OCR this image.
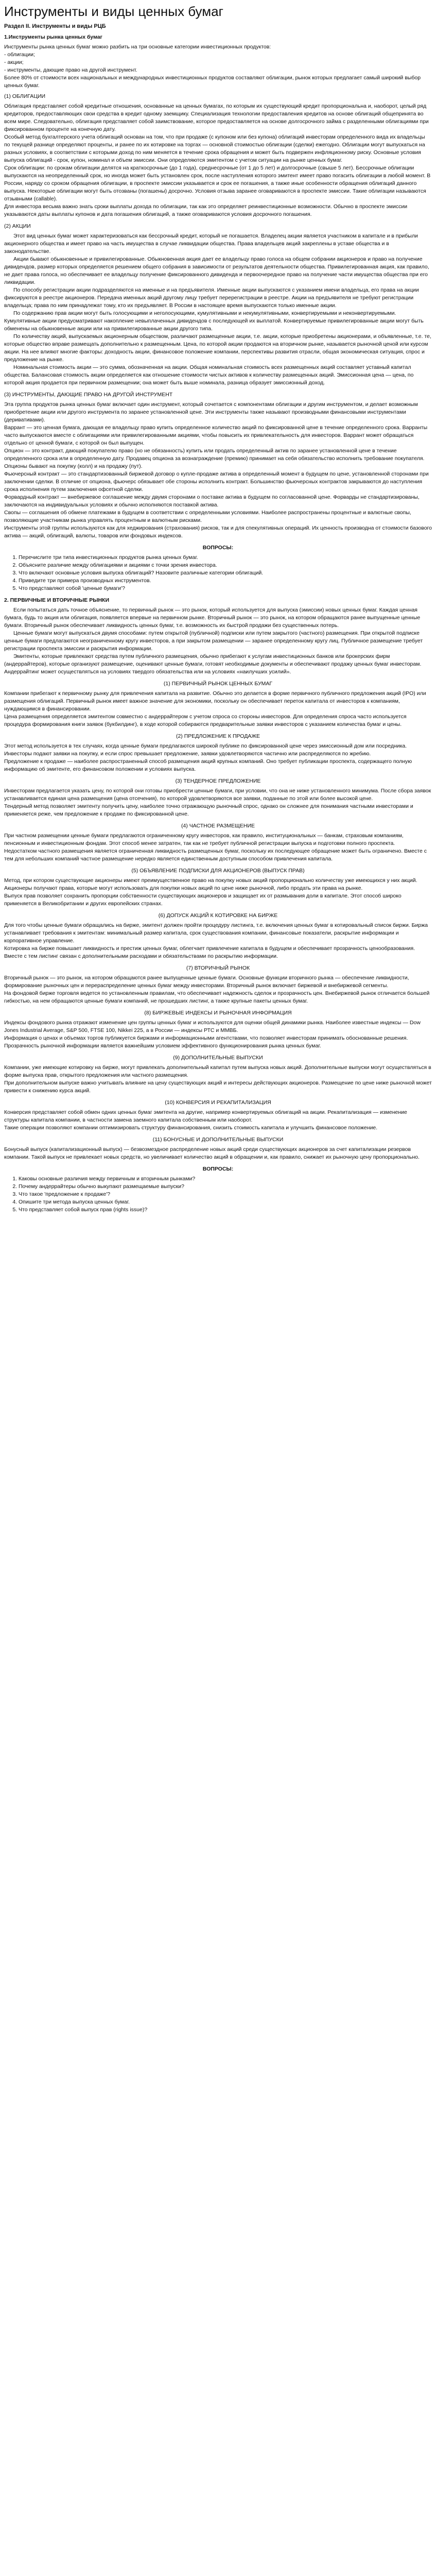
Инструменты и виды ценных бумаг
Раздел II. Инструменты и виды РЦБ
1.Инструменты рынка ценных бумаг

Инструменты рынка ценных бумаг можно разбить на три основные категории инвестиционных продуктов:

- облигации;

- акции;

- инструменты, дающие право на другой инструмент.

Более 80% от стоимости всех национальных и международных инвестиционных продуктов составляют облигации, рынок которых предлагает самый широкий выбор ценных бумаг.

(1) ОБЛИГАЦИИ

Облигация представляет собой кредитные отношения, основанные на ценных бумагах, по которым их существующий кредит пропорциональна и, наоборот, целый ряд кредиторов, предоставляющих свои средства в кредит одному заемщику. Специализация технологии предоставления кредитов на основе облигаций общепринята во всем мире. Следовательно, облигация представляет собой заимствование, которое предоставляется на основе долгосрочного займа с разделенными облигациями при фиксированном проценте на конечную дату.

Особый метод бухгалтерского учета облигаций основан на том, что при продаже (с купоном или без купона) облигаций инвесторам определенного вида их владельцы по текущей разнице определяют проценты, и ранее по их котировке на торгах — основной стоимостью облигации (сделки) ежегодно. Облигации могут выпускаться на разных условиях, в соответствии с которыми доход по ним меняется в течение срока обращения и может быть подвержен инфляционному риску. Основные условия выпуска облигаций - срок, купон, номинал и объем эмиссии. Они определяются эмитентом с учетом ситуации на рынке ценных бумаг.

Срок облигации: по срокам облигации делятся на краткосрочные (до 1 года), среднесрочные (от 1 до 5 лет) и долгосрочные (свыше 5 лет). Бессрочные облигации выпускаются на неопределенный срок, но иногда может быть установлен срок, после наступления которого эмитент имеет право погасить облигации в любой момент. В России, наряду со сроком обращения облигации, в проспекте эмиссии указывается и срок ее погашения, а также иные особенности обращения облигаций данного выпуска. Некоторые облигации могут быть отозваны (погашены) досрочно. Условия отзыва заранее оговариваются в проспекте эмиссии. Такие облигации называются отзывными (callable).

Для инвестора весьма важно знать сроки выплаты дохода по облигации, так как это определяет реинвестиционные возможности. Обычно в проспекте эмиссии указываются даты выплаты купонов и дата погашения облигаций, а также оговариваются условия досрочного погашения.

(2) АКЦИИ

Этот вид ценных бумаг может характеризоваться как бессрочный кредит, который не погашается. Владелец акции является участником в капитале и в прибыли акционерного общества и имеет право на часть имущества в случае ликвидации общества. Права владельцев акций закреплены в уставе общества и в законодательстве.

Акции бывают обыкновенные и привилегированные. Обыкновенная акция дает ее владельцу право голоса на общем собрании акционеров и право на получение дивидендов, размер которых определяется решением общего собрания в зависимости от результатов деятельности общества. Привилегированная акция, как правило, не дает права голоса, но обеспечивает ее владельцу получение фиксированного дивиденда и первоочередное право на получение части имущества общества при его ликвидации.

По способу регистрации акции подразделяются на именные и на предъявителя. Именные акции выпускаются с указанием имени владельца, его права на акции фиксируются в реестре акционеров. Передача именных акций другому лицу требует перерегистрации в реестре. Акции на предъявителя не требуют регистрации владельца; права по ним принадлежат тому, кто их предъявляет. В России в настоящее время выпускаются только именные акции.

По содержанию прав акции могут быть голосующими и неголосующими, кумулятивными и некумулятивными, конвертируемыми и неконвертируемыми. Кумулятивные акции предусматривают накопление невыплаченных дивидендов с последующей их выплатой. Конвертируемые привилегированные акции могут быть обменены на обыкновенные акции или на привилегированные акции другого типа.

По количеству акций, выпускаемых акционерным обществом, различают размещенные акции, т.е. акции, которые приобретены акционерами, и объявленные, т.е. те, которые общество вправе размещать дополнительно к размещенным. Цена, по которой акции продаются на вторичном рынке, называется рыночной ценой или курсом акции. На нее влияют многие факторы: доходность акции, финансовое положение компании, перспективы развития отрасли, общая экономическая ситуация, спрос и предложение на рынке.

Номинальная стоимость акции — это сумма, обозначенная на акции. Общая номинальная стоимость всех размещенных акций составляет уставный капитал общества. Балансовая стоимость акции определяется как отношение стоимости чистых активов к количеству размещенных акций. Эмиссионная цена — цена, по которой акция продается при первичном размещении; она может быть выше номинала, разница образует эмиссионный доход.

(3) ИНСТРУМЕНТЫ, ДАЮЩИЕ ПРАВО НА ДРУГОЙ ИНСТРУМЕНТ

Эта группа продуктов рынка ценных бумаг включает один инструмент, который сочетается с компонентами облигации и другим инструментом, и делает возможным приобретение акции или другого инструмента по заранее установленной цене. Эти инструменты также называют производными финансовыми инструментами (деривативами).

Варрант — это ценная бумага, дающая ее владельцу право купить определенное количество акций по фиксированной цене в течение определенного срока. Варранты часто выпускаются вместе с облигациями или привилегированными акциями, чтобы повысить их привлекательность для инвесторов. Варрант может обращаться отдельно от ценной бумаги, с которой он был выпущен.

Опцион — это контракт, дающий покупателю право (но не обязанность) купить или продать определенный актив по заранее установленной цене в течение определенного срока или в определенную дату. Продавец опциона за вознаграждение (премию) принимает на себя обязательство исполнить требование покупателя. Опционы бывают на покупку (колл) и на продажу (пут).

Фьючерсный контракт — это стандартизованный биржевой договор о купле-продаже актива в определенный момент в будущем по цене, установленной сторонами при заключении сделки. В отличие от опциона, фьючерс обязывает обе стороны исполнить контракт. Большинство фьючерсных контрактов закрываются до наступления срока исполнения путем заключения офсетной сделки.

Форвардный контракт — внебиржевое соглашение между двумя сторонами о поставке актива в будущем по согласованной цене. Форварды не стандартизированы, заключаются на индивидуальных условиях и обычно исполняются поставкой актива.

Свопы — соглашения об обмене платежами в будущем в соответствии с определенными условиями. Наиболее распространены процентные и валютные свопы, позволяющие участникам рынка управлять процентным и валютным рисками.

Инструменты этой группы используются как для хеджирования (страхования) рисков, так и для спекулятивных операций. Их ценность производна от стоимости базового актива — акций, облигаций, валюты, товаров или фондовых индексов.

ВОПРОСЫ:
1. Перечислите три типа инвестиционных продуктов рынка ценных бумаг.
2. Объясните различие между облигациями и акциями с точки зрения инвестора.
3. Что включают основные условия выпуска облигаций? Назовите различные категории облигаций.
4. Приведите три примера производных инструментов.
5. Что представляют собой 'ценные бумаги'?
2. ПЕРВИЧНЫЕ И ВТОРИЧНЫЕ РЫНКИ

Если попытаться дать точное объяснение, то первичный рынок — это рынок, который используется для выпуска (эмиссии) новых ценных бумаг. Каждая ценная бумага, будь то акция или облигация, появляется впервые на первичном рынке. Вторичный рынок — это рынок, на котором обращаются ранее выпущенные ценные бумаги. Вторичный рынок обеспечивает ликвидность ценных бумаг, т.е. возможность их быстрой продажи без существенных потерь.

Ценные бумаги могут выпускаться двумя способами: путем открытой (публичной) подписки или путем закрытого (частного) размещения. При открытой подписке ценные бумаги предлагаются неограниченному кругу инвесторов, а при закрытом размещении — заранее определенному кругу лиц. Публичное размещение требует регистрации проспекта эмиссии и раскрытия информации.

Эмитенты, которые привлекают средства путем публичного размещения, обычно прибегают к услугам инвестиционных банков или брокерских фирм (андеррайтеров), которые организуют размещение, оценивают ценные бумаги, готовят необходимые документы и обеспечивают продажу ценных бумаг инвесторам. Андеррайтинг может осуществляться на условиях твердого обязательства или на условиях «наилучших усилий».

(1) ПЕРВИЧНЫЙ РЫНОК ЦЕННЫХ БУМАГ

Компании прибегают к первичному рынку для привлечения капитала на развитие. Обычно это делается в форме первичного публичного предложения акций (IPO) или размещения облигаций. Первичный рынок имеет важное значение для экономики, поскольку он обеспечивает переток капитала от инвесторов к компаниям, нуждающимся в финансировании.

Цена размещения определяется эмитентом совместно с андеррайтером с учетом спроса со стороны инвесторов. Для определения спроса часто используется процедура формирования книги заявок (букбилдинг), в ходе которой собираются предварительные заявки инвесторов с указанием количества бумаг и цены.

(2) ПРЕДЛОЖЕНИЕ К ПРОДАЖЕ

Этот метод используется в тех случаях, когда ценные бумаги предлагаются широкой публике по фиксированной цене через эмиссионный дом или посредника. Инвесторы подают заявки на покупку, и если спрос превышает предложение, заявки удовлетворяются частично или распределяются по жребию.

Предложение к продаже — наиболее распространенный способ размещения акций крупных компаний. Оно требует публикации проспекта, содержащего полную информацию об эмитенте, его финансовом положении и условиях выпуска.

(3) ТЕНДЕРНОЕ ПРЕДЛОЖЕНИЕ

Инвесторам предлагается указать цену, по которой они готовы приобрести ценные бумаги, при условии, что она не ниже установленного минимума. После сбора заявок устанавливается единая цена размещения (цена отсечения), по которой удовлетворяются все заявки, поданные по этой или более высокой цене.

Тендерный метод позволяет эмитенту получить цену, наиболее точно отражающую рыночный спрос, однако он сложнее для понимания частными инвесторами и применяется реже, чем предложение к продаже по фиксированной цене.

(4) ЧАСТНОЕ РАЗМЕЩЕНИЕ

При частном размещении ценные бумаги предлагаются ограниченному кругу инвесторов, как правило, институциональных — банкам, страховым компаниям, пенсионным и инвестиционным фондам. Этот способ менее затратен, так как не требует публичной регистрации выпуска и подготовки полного проспекта.

Недостатком частного размещения является ограниченная ликвидность размещенных бумаг, поскольку их последующее обращение может быть ограничено. Вместе с тем для небольших компаний частное размещение нередко является единственным доступным способом привлечения капитала.

(5) ОБЪЯВЛЕНИЕ ПОДПИСКИ ДЛЯ АКЦИОНЕРОВ (ВЫПУСК ПРАВ)

Метод, при котором существующие акционеры имеют преимущественное право на покупку новых акций пропорционально количеству уже имеющихся у них акций. Акционеры получают права, которые могут использовать для покупки новых акций по цене ниже рыночной, либо продать эти права на рынке.

Выпуск прав позволяет сохранить пропорции собственности существующих акционеров и защищает их от размывания доли в капитале. Этот способ широко применяется в Великобритании и других европейских странах.

(6) ДОПУСК АКЦИЙ К КОТИРОВКЕ НА БИРЖЕ

Для того чтобы ценные бумаги обращались на бирже, эмитент должен пройти процедуру листинга, т.е. включения ценных бумаг в котировальный список биржи. Биржа устанавливает требования к эмитентам: минимальный размер капитала, срок существования компании, финансовые показатели, раскрытие информации и корпоративное управление.

Котировка на бирже повышает ликвидность и престиж ценных бумаг, облегчает привлечение капитала в будущем и обеспечивает прозрачность ценообразования. Вместе с тем листинг связан с дополнительными расходами и обязательствами по раскрытию информации.

(7) ВТОРИЧНЫЙ РЫНОК

Вторичный рынок — это рынок, на котором обращаются ранее выпущенные ценные бумаги. Основные функции вторичного рынка — обеспечение ликвидности, формирование рыночных цен и перераспределение ценных бумаг между инвесторами. Вторичный рынок включает биржевой и внебиржевой сегменты.

На фондовой бирже торговля ведется по установленным правилам, что обеспечивает надежность сделок и прозрачность цен. Внебиржевой рынок отличается большей гибкостью, на нем обращаются ценные бумаги компаний, не прошедших листинг, а также крупные пакеты ценных бумаг.

(8) БИРЖЕВЫЕ ИНДЕКСЫ И РЫНОЧНАЯ ИНФОРМАЦИЯ

Индексы фондового рынка отражают изменение цен группы ценных бумаг и используются для оценки общей динамики рынка. Наиболее известные индексы — Dow Jones Industrial Average, S&P 500, FTSE 100, Nikkei 225, а в России — индексы РТС и ММВБ.

Информация о ценах и объемах торгов публикуется биржами и информационными агентствами, что позволяет инвесторам принимать обоснованные решения. Прозрачность рыночной информации является важнейшим условием эффективного функционирования рынка ценных бумаг.

(9) ДОПОЛНИТЕЛЬНЫЕ ВЫПУСКИ

Компании, уже имеющие котировку на бирже, могут привлекать дополнительный капитал путем выпуска новых акций. Дополнительные выпуски могут осуществляться в форме выпуска прав, открытого предложения или частного размещения.

При дополнительном выпуске важно учитывать влияние на цену существующих акций и интересы действующих акционеров. Размещение по цене ниже рыночной может привести к снижению курса акций.

(10) КОНВЕРСИЯ И РЕКАПИТАЛИЗАЦИЯ

Конверсия представляет собой обмен одних ценных бумаг эмитента на другие, например конвертируемых облигаций на акции. Рекапитализация — изменение структуры капитала компании, в частности замена заемного капитала собственным или наоборот.

Такие операции позволяют компании оптимизировать структуру финансирования, снизить стоимость капитала и улучшить финансовое положение.

(11) БОНУСНЫЕ И ДОПОЛНИТЕЛЬНЫЕ ВЫПУСКИ

Бонусный выпуск (капитализационный выпуск) — безвозмездное распределение новых акций среди существующих акционеров за счет капитализации резервов компании. Такой выпуск не привлекает новых средств, но увеличивает количество акций в обращении и, как правило, снижает их рыночную цену пропорционально.

ВОПРОСЫ:
1. Каковы основные различия между первичным и вторичным рынками?
2. Почему андеррайтеры обычно выкупают размещаемые выпуски?
3. Что такое 'предложение к продаже'?
4. Опишите три метода выпуска ценных бумаг.
5. Что представляет собой выпуск прав (rights issue)?
